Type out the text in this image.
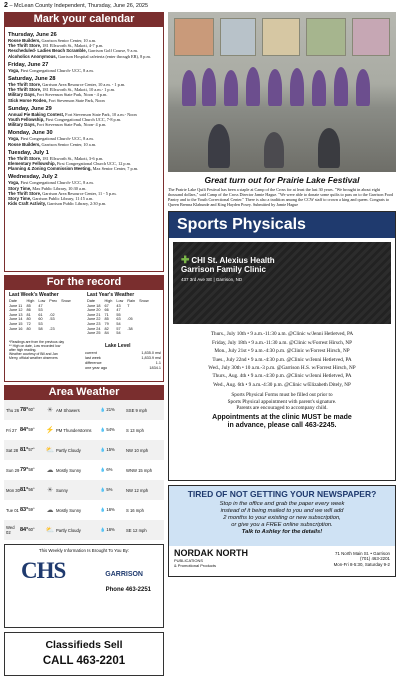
2 – McLean County Independent, Thursday, June 26, 2025
Mark your calendar
Thursday, June 26
Rosse Builders, Garrison Senior Center, 10 a.m.
The Thrift Store, 181 Ellsworth St., Makoti, 4-7 p.m.
Rescheduled- Ladies Beach Scramble, Garrison Golf Course, 9 a.m.
Alcoholics Anonymous, Garrison Hospital cafeteria (enter through ER), 8 p.m.
Friday, June 27
Yoga, First Congregational Church- UCC, 8 a.m.
Saturday, June 28
The Thrift Store, Garrison Area Resource Center, 10 a.m. - 1 p.m.
The Thrift Store, 181 Ellsworth St., Makoti, 10 a.m.- 1 p.m.
Military Days, Fort Stevenson State Park, Noon - 4 p.m.
Stick Horse Rodeo, Fort Stevenson State Park, Noon
Sunday, June 29
Annual Pie Baking Contest, Fort Stevenson State Park, 10 a.m.- Noon
Youth Fellowship, First Congregational Church UCC, 7-8 p.m.
Military Days, Fort Stevenson State Park, Noon- 4 p.m.
Monday, June 30
Yoga, First Congregational Church- UCC, 8 a.m.
Rosse Builders, Garrison Senior Center, 10 a.m.
Tuesday, July 1
The Thrift Store, 181 Ellsworth St., Makoti, 3-6 p.m.
Elementary Fellowship, First Congregational Church UCC, 12 p.m.
Planning & Zoning Commission Meeting, Max Senior Center, 7 p.m.
Wednesday, July 2
Yoga, First Congregational Church- UCC, 8 a.m.
Story Time, Max Public Library, 10:30 a.m.
The Thrift Store, Garrison Area Resource Center, 11 - 5 p.m.
Story Time, Garrison Public Library, 11:15 a.m.
Kids Craft Activity, Garrison Public Library, 2:30 p.m.
For the record
Last Week's Weather
Date	High	Low	Prec	Snow
June 11	85	47		
June 12	86	53		
June 13	81	61	.02	
June 14	80	60	.53	
June 15	72	53		
June 16	80	58	.23	
Last Year's Weather
Date	High	Low	Rain	Snow
June 18	67	43	T	
June 20	66	47		
June 21	71	55		
June 22	85	63	.05	
June 23	79	54		
June 24	82	57	.38	
June 25	84	54		
*Readings are from the previous day
** High on date, Low recorded low
after high reading.
Weather courtesy of Bill and Jan
Merry, official weather observers
Lake Level
current	1,835.0 msl
last week	1,833.9 msl
difference	1.1
one year ago	1834.1
Area Weather
Thu 26 78°60°	☀ AM Showers	💧 21%	SSE 9 mph
Fri 27 84°59°	⚡ PM Thunderstorms	💧 54%	S 13 mph
Sat 28 81°57°	⛅ Partly Cloudy	💧 15%	NW 10 mph
Sun 29 79°58°	☁ Mostly Sunny	💧 6%	WNW 15 mph
Mon 30 81°56°	☀ Sunny	💧 5%	NW 12 mph
Tue 01 83°59°	☁ Mostly Sunny	💧 16%	S 16 mph
Wed 02	84°60°	⛅ Partly Cloudy	💧 16%	SE 12 mph
This Weekly Information Is Brought To You By:
CHS	GARRISON
Phone 463-2251
Classifieds Sell
CALL 463-2201
Great turn out for Prairie Lake Festival
The Prairie Lake Quilt Festival has been a staple at Camp of the Cross for at least the last 30 years. "We brought in about eight thousand dollars," said Camp of the Cross Director Jamie Hague. "We were able to donate some quilts to pass on to the Garrison Food Pantry and to the Youth Correctional Center." There is also a tradition among the CCW staff to crown a king and queen. Congrats to Queen Brenna Klabunde and King Hayden Posey. Submitted by Jamie Hague
Sports Physicals
✚ CHI St. Alexius Health
Garrison Family Clinic
437 3rd Ave SE | Garrison, ND
Thurs., July 10th • 9 a.m.-11:30 a.m. @Clinic w/Jenni Hetletved, PA
Friday, July 18th • 9 a.m.-11:30 a.m. @Clinic w/Forrest Hirsch, NP
Mon., July 21st • 9 a.m.-4:30 p.m. @Clinic w/Forrest Hirsch, NP
Tues., July 22nd • 9 a.m.-4:30 p.m. @Clinic w/Jenni Hetletved, PA
Wed., July 30th • 10 a.m.-3 p.m. @Garrison H.S. w/Forrest Hirsch, NP
Thurs., Aug. 4th • 9 a.m.-4:30 p.m. @Clinic w/Jenni Hetletved, PA
Wed., Aug. 6th • 9 a.m.-4:30 p.m. @Clinic w/Elizabeth Ditely, NP
Sports Physical Forms must be filled out prior to
Sports Physical appointment with parent's signature.
Parents are encouraged to accompany child.
Appointments at the clinic MUST be made
in advance, please call 463-2245.
TIRED OF NOT GETTING YOUR NEWSPAPER?
Stop in the office and grab the paper every week
instead of it being mailed to you and we will add
2 months to your existing or new subscription,
or give you a FREE online subscription.
Talk to Ashley for the details!
NORDAK NORTH
PUBLICATIONS
& Promotional Products
71 North Main St. • Garrison
(701) 463-2201
Mon-Fri 8-5:30, Saturday 9-2
